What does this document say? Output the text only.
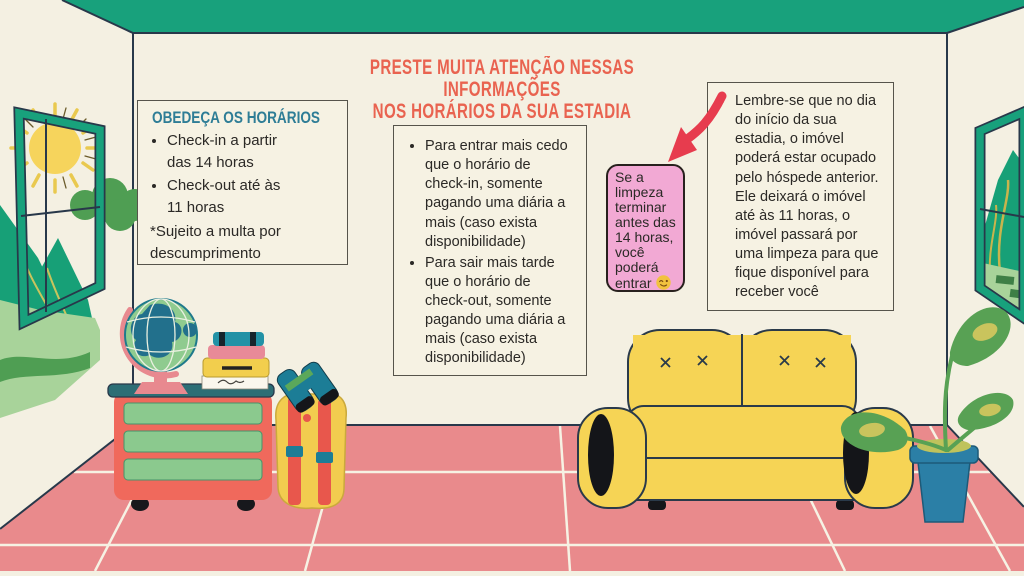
PRESTE MUITA ATENÇÃO NESSAS INFORMAÇÕES
NOS HORÁRIOS DA SUA ESTADIA
OBEDEÇA OS HORÁRIOS
• Check-in a partir das 14 horas
• Check-out até às 11 horas
*Sujeito a multa por descumprimento
• Para entrar mais cedo que o horário de check-in, somente pagando uma diária a mais (caso exista disponibilidade)
• Para sair mais tarde que o horário de check-out, somente pagando uma diária a mais (caso exista disponibilidade)
Se a limpeza terminar antes das 14 horas, você poderá entrar
• Lembre-se que no dia do início da sua estadia, o imóvel poderá estar ocupado pelo hóspede anterior. Ele deixará o imóvel até às 11 horas, o imóvel passará por uma limpeza para que fique disponível para receber você
